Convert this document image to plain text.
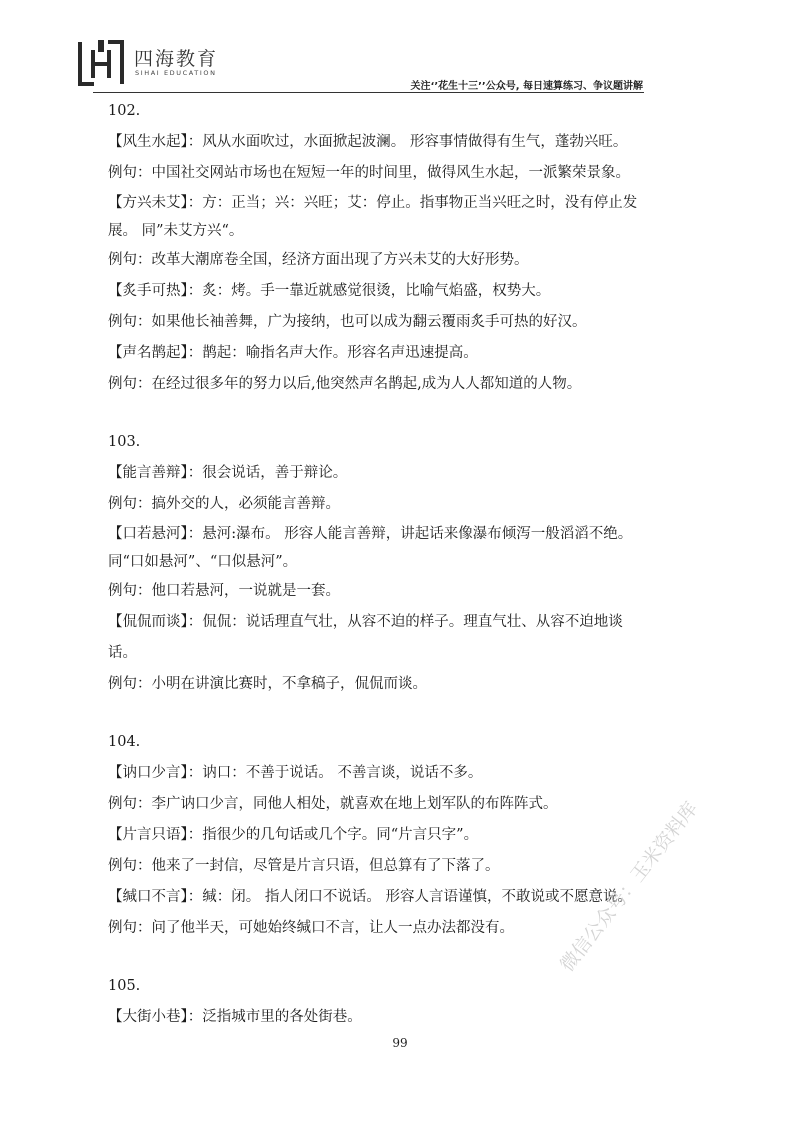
四海教育
SIHAI EDUCATION
关注‘’花生十三’’公众号, 每日速算练习、争议题讲解
102.
【风生水起】：风从水面吹过，水面掀起波澜。 形容事情做得有生气，蓬勃兴旺。
例句：中国社交网站市场也在短短一年的时间里，做得风生水起，一派繁荣景象。
【方兴未艾】：方：正当；兴：兴旺；艾：停止。指事物正当兴旺之时，没有停止发展。 同”未艾方兴“。
例句：改革大潮席卷全国，经济方面出现了方兴未艾的大好形势。
【炙手可热】：炙：烤。手一靠近就感觉很烫，比喻气焰盛，权势大。
例句：如果他长袖善舞，广为接纳，也可以成为翻云覆雨炙手可热的好汉。
【声名鹊起】：鹊起：喻指名声大作。形容名声迅速提高。
例句：在经过很多年的努力以后,他突然声名鹊起,成为人人都知道的人物。
103.
【能言善辩】：很会说话，善于辩论。
例句：搞外交的人，必须能言善辩。
【口若悬河】：悬河:瀑布。 形容人能言善辩，讲起话来像瀑布倾泻一般滔滔不绝。同“口如悬河”、“口似悬河”。
例句：他口若悬河，一说就是一套。
【侃侃而谈】：侃侃：说话理直气壮，从容不迫的样子。理直气壮、从容不迫地谈话。
例句：小明在讲演比赛时，不拿稿子，侃侃而谈。
104.
【讷口少言】：讷口：不善于说话。 不善言谈，说话不多。
例句：李广讷口少言，同他人相处，就喜欢在地上划军队的布阵阵式。
【片言只语】：指很少的几句话或几个字。同“片言只字”。
例句：他来了一封信，尽管是片言只语，但总算有了下落了。
【缄口不言】：缄：闭。 指人闭口不说话。 形容人言语谨慎，不敢说或不愿意说。
例句：问了他半天，可她始终缄口不言，让人一点办法都没有。
105.
【大街小巷】：泛指城市里的各处街巷。
99
微信公众号：玉米资料库
